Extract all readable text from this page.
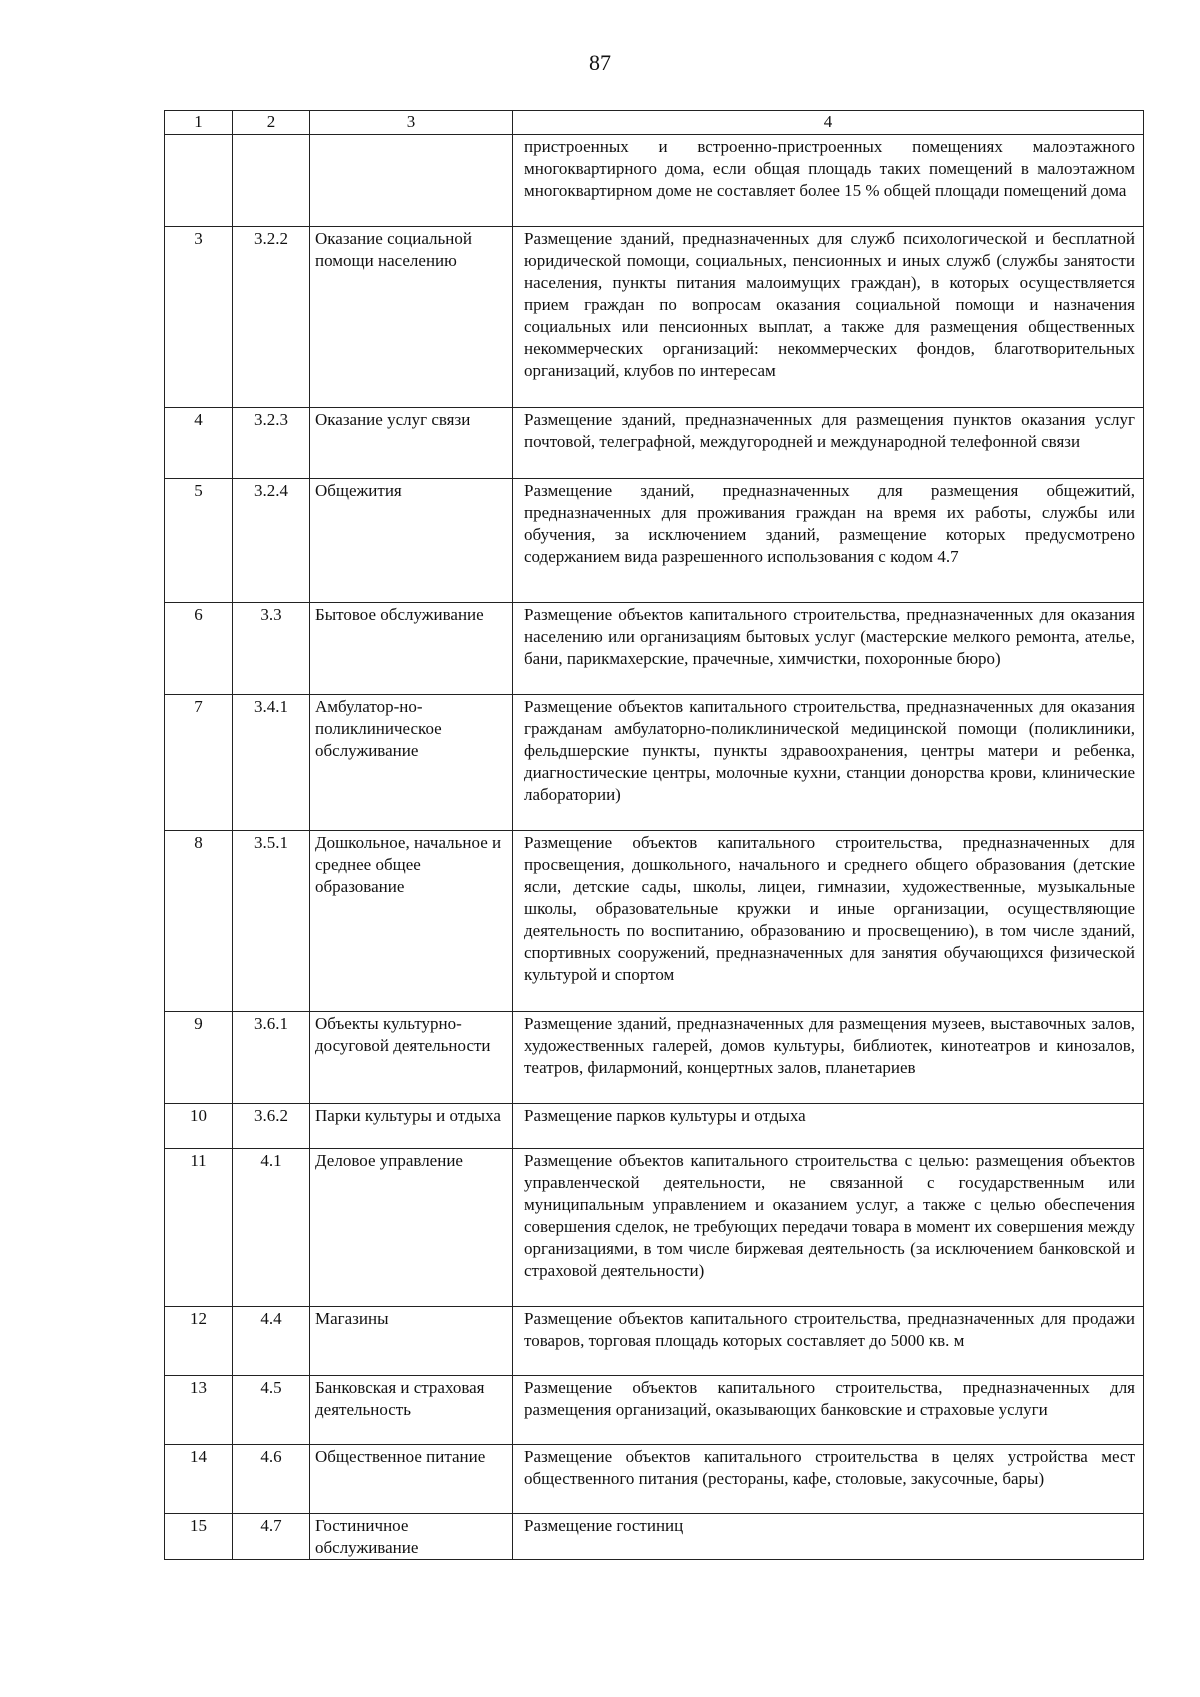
87
1	2	3	4
			пристроенных и встроенно-пристроенных помещениях малоэтажного многоквартирного дома, если общая площадь таких помещений в малоэтажном многоквартирном доме не составляет более 15 % общей площади помещений дома
3	3.2.2	Оказание социальной помощи населению	Размещение зданий, предназначенных для служб психологической и бесплатной юридической помощи, социальных, пенсионных и иных служб (службы занятости населения, пункты питания малоимущих граждан), в которых осуществляется прием граждан по вопросам оказания социальной помощи и назначения социальных или пенсионных выплат, а также для размещения общественных некоммерческих организаций: некоммерческих фондов, благотворительных организаций, клубов по интересам
4	3.2.3	Оказание услуг связи	Размещение зданий, предназначенных для размещения пунктов оказания услуг почтовой, телеграфной, междугородней и международной телефонной связи
5	3.2.4	Общежития	Размещение зданий, предназначенных для размещения общежитий, предназначенных для проживания граждан на время их работы, службы или обучения, за исключением зданий, размещение которых предусмотрено содержанием вида разрешенного использования с кодом 4.7
6	3.3	Бытовое обслуживание	Размещение объектов капитального строительства, предназначенных для оказания населению или организациям бытовых услуг (мастерские мелкого ремонта, ателье, бани, парикмахерские, прачечные, химчистки, похоронные бюро)
7	3.4.1	Амбулатор-но-поликлиническое обслуживание	Размещение объектов капитального строительства, предназначенных для оказания гражданам амбулаторно-поликлинической медицинской помощи (поликлиники, фельдшерские пункты, пункты здравоохранения, центры матери и ребенка, диагностические центры, молочные кухни, станции донорства крови, клинические лаборатории)
8	3.5.1	Дошкольное, начальное и среднее общее образование	Размещение объектов капитального строительства, предназначенных для просвещения, дошкольного, начального и среднего общего образования (детские ясли, детские сады, школы, лицеи, гимназии, художественные, музыкальные школы, образовательные кружки и иные организации, осуществляющие деятельность по воспитанию, образованию и просвещению), в том числе зданий, спортивных сооружений, предназначенных для занятия обучающихся физической культурой и спортом
9	3.6.1	Объекты культурно-досуговой деятельности	Размещение зданий, предназначенных для размещения музеев, выставочных залов, художественных галерей, домов культуры, библиотек, кинотеатров и кинозалов, театров, филармоний, концертных залов, планетариев
10	3.6.2	Парки культуры и отдыха	Размещение парков культуры и отдыха
11	4.1	Деловое управление	Размещение объектов капитального строительства с целью: размещения объектов управленческой деятельности, не связанной с государственным или муниципальным управлением и оказанием услуг, а также с целью обеспечения совершения сделок, не требующих передачи товара в момент их совершения между организациями, в том числе биржевая деятельность (за исключением банковской и страховой деятельности)
12	4.4	Магазины	Размещение объектов капитального строительства, предназначенных для продажи товаров, торговая площадь которых составляет до 5000 кв. м
13	4.5	Банковская и страховая деятельность	Размещение объектов капитального строительства, предназначенных для размещения организаций, оказывающих банковские и страховые услуги
14	4.6	Общественное питание	Размещение объектов капитального строительства в целях устройства мест общественного питания (рестораны, кафе, столовые, закусочные, бары)
15	4.7	Гостиничное обслуживание	Размещение гостиниц
